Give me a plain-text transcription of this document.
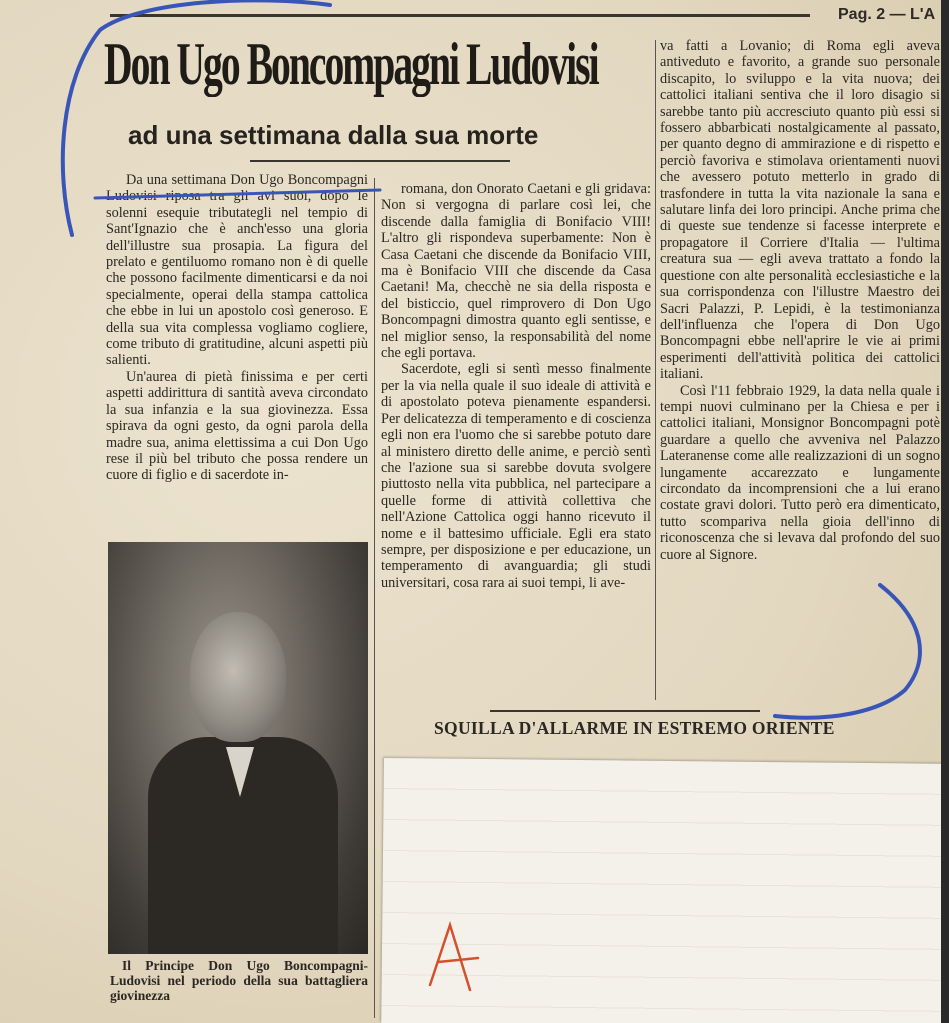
Pag. 2 — L'A
Don Ugo Boncompagni Ludovisi
ad una settimana dalla sua morte

Da una settimana Don Ugo Boncompagni Ludovisi riposa tra gli avi suoi, dopo le solenni esequie tributategli nel tempio di Sant'Ignazio che è anch'esso una gloria dell'illustre sua prosapia. La figura del prelato e gentiluomo romano non è di quelle che possono facilmente dimenticarsi e da noi specialmente, operai della stampa cattolica che ebbe in lui un apostolo così generoso. E della sua vita complessa vogliamo cogliere, come tributo di gratitudine, alcuni aspetti più salienti.

Un'aurea di pietà finissima e per certi aspetti addirittura di santità aveva circondato la sua infanzia e la sua giovinezza. Essa spirava da ogni gesto, da ogni parola della madre sua, anima elettissima a cui Don Ugo rese il più bel tributo che possa rendere un cuore di figlio e di sacerdote in-

romana, don Onorato Caetani e gli gridava: Non si vergogna di parlare così lei, che discende dalla famiglia di Bonifacio VIII! L'altro gli rispondeva superbamente: Non è Casa Caetani che discende da Bonifacio VIII, ma è Bonifacio VIII che discende da Casa Caetani! Ma, checchè ne sia della risposta e del bisticcio, quel rimprovero di Don Ugo Boncompagni dimostra quanto egli sentisse, e nel miglior senso, la responsabilità del nome che egli portava.

Sacerdote, egli si sentì messo finalmente per la via nella quale il suo ideale di attività e di apostolato poteva pienamente espandersi. Per delicatezza di temperamento e di coscienza egli non era l'uomo che si sarebbe potuto dare al ministero diretto delle anime, e perciò sentì che l'azione sua si sarebbe dovuta svolgere piuttosto nella vita pubblica, nel partecipare a quelle forme di attività collettiva che nell'Azione Cattolica oggi hanno ricevuto il nome e il battesimo ufficiale. Egli era stato sempre, per disposizione e per educazione, un temperamento di avanguardia; gli studi universitari, cosa rara ai suoi tempi, li ave-

va fatti a Lovanio; di Roma egli aveva antiveduto e favorito, a grande suo personale discapito, lo sviluppo e la vita nuova; dei cattolici italiani sentiva che il loro disagio si sarebbe tanto più accresciuto quanto più essi si fossero abbarbicati nostalgicamente al passato, per quanto degno di ammirazione e di rispetto e perciò favoriva e stimolava orientamenti nuovi che avessero potuto metterlo in grado di trasfondere in tutta la vita nazionale la sana e salutare linfa dei loro principi. Anche prima che di queste sue tendenze si facesse interprete e propagatore il Corriere d'Italia — l'ultima creatura sua — egli aveva trattato a fondo la questione con alte personalità ecclesiastiche e la sua corrispondenza con l'illustre Maestro dei Sacri Palazzi, P. Lepidi, è la testimonianza dell'influenza che l'opera di Don Ugo Boncompagni ebbe nell'aprire le vie ai primi esperimenti dell'attività politica dei cattolici italiani.

Così l'11 febbraio 1929, la data nella quale i tempi nuovi culminano per la Chiesa e per i cattolici italiani, Monsignor Boncompagni potè guardare a quello che avveniva nel Palazzo Lateranense come alle realizzazioni di un sogno lungamente accarezzato e lungamente circondato da incomprensioni che a lui erano costate gravi dolori. Tutto però era dimenticato, tutto scompariva nella gioia dell'inno di riconoscenza che si levava dal profondo del suo cuore al Signore.

Il Principe Don Ugo Boncompagni-Ludovisi nel periodo della sua battagliera giovinezza

SQUILLA D'ALLARME IN ESTREMO ORIENTE
